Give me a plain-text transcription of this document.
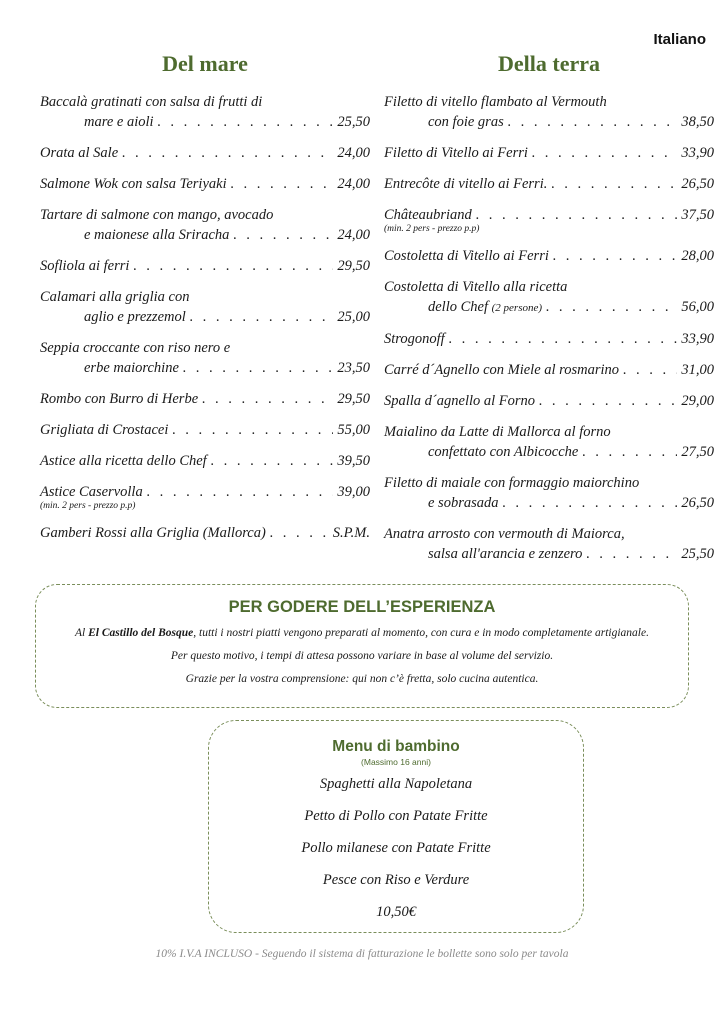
Italiano
Del mare
Baccalà gratinati con salsa di frutti di
mare e aioli . . .	25,50
Orata al Sale . . .	24,00
Salmone Wok con salsa Teriyaki . . .	24,00
Tartare di salmone con mango, avocado
e maionese alla Sriracha . . .	24,00
Sofliola ai ferri . . .	29,50
Calamari alla griglia con
aglio e prezzemol . . .	25,00
Seppia croccante con riso nero e
erbe maiorchine . . .	23,50
Rombo con Burro di Herbe . . .	29,50
Grigliata di Crostacei . . .	55,00
Astice alla ricetta dello Chef . . .	39,50
Astice Caservolla . . .	39,00
(min. 2 pers - prezzo p.p)
Gamberi Rossi alla Griglia (Mallorca) . . .	S.P.M.
Della terra
Filetto di vitello flambato al Vermouth
con foie gras . . .	38,50
Filetto di Vitello ai Ferri . . .	33,90
Entrecôte di vitello ai Ferri. . . .	26,50
Châteaubriand . . .	37,50
(min. 2 pers - prezzo p.p)
Costoletta di Vitello ai Ferri . . .	28,00
Costoletta di Vitello alla ricetta
dello Chef (2 persone) . . .	56,00
Strogonoff . . .	33,90
Carré d´Agnello con Miele al rosmarino . . .	31,00
Spalla d´agnello al Forno . . .	29,00
Maialino da Latte di Mallorca al forno
confettato con Albicocche . . .	27,50
Filetto di maiale con formaggio maiorchino
e sobrasada . . .	26,50
Anatra arrosto con vermouth di Maiorca,
salsa all'arancia e zenzero . . .	25,50
PER GODERE DELL’ESPERIENZA
Al El Castillo del Bosque, tutti i nostri piatti vengono preparati al momento, con cura e in modo completamente artigianale.
Per questo motivo, i tempi di attesa possono variare in base al volume del servizio.
Grazie per la vostra comprensione: qui non c’è fretta, solo cucina autentica.
Menu di bambino
(Massimo 16 anni)
Spaghetti alla Napoletana
Petto di Pollo con Patate Fritte
Pollo milanese con Patate Fritte
Pesce con Riso e Verdure
10,50€
10% I.V.A INCLUSO - Seguendo il sistema di fatturazione le bollette sono solo per tavola
